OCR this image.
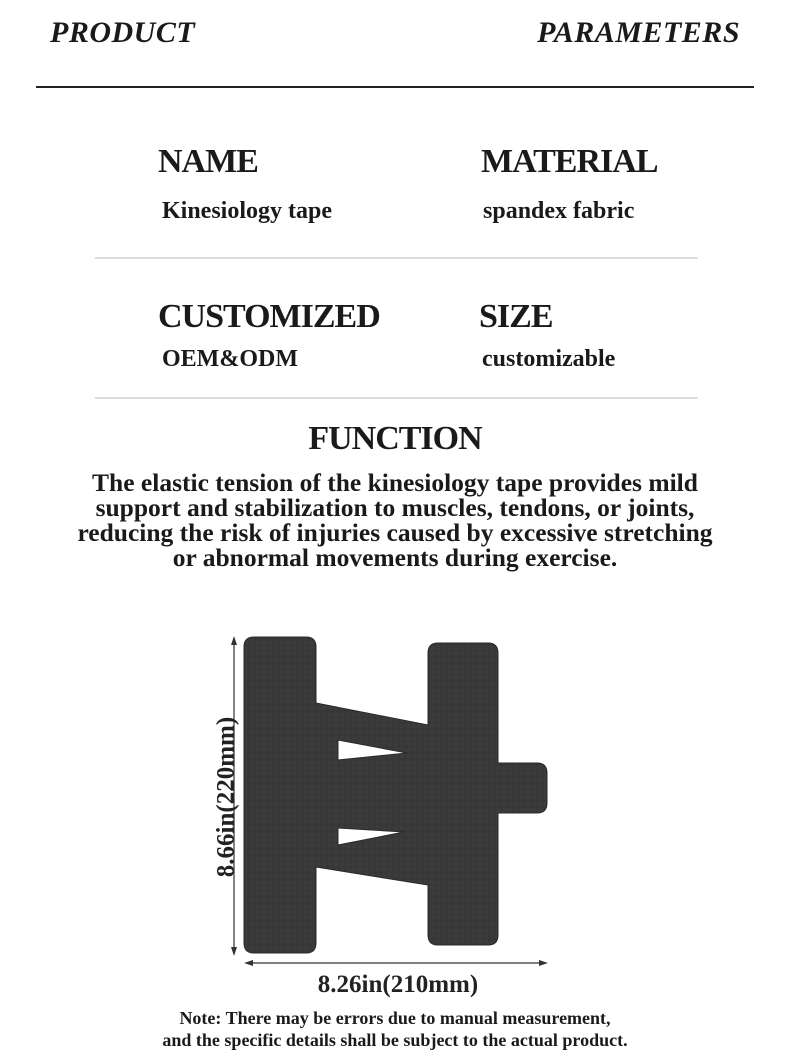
PRODUCT	PARAMETERS
NAME
Kinesiology tape
MATERIAL
spandex fabric
CUSTOMIZED
OEM&ODM
SIZE
customizable
FUNCTION
The elastic tension of the kinesiology tape provides mild
support and stabilization to muscles, tendons, or joints,
reducing the risk of injuries caused by excessive stretching
or abnormal movements during exercise.
8.66in(220mm)
8.26in(210mm)
Note: There may be errors due to manual measurement,
and the specific details shall be subject to the actual product.
